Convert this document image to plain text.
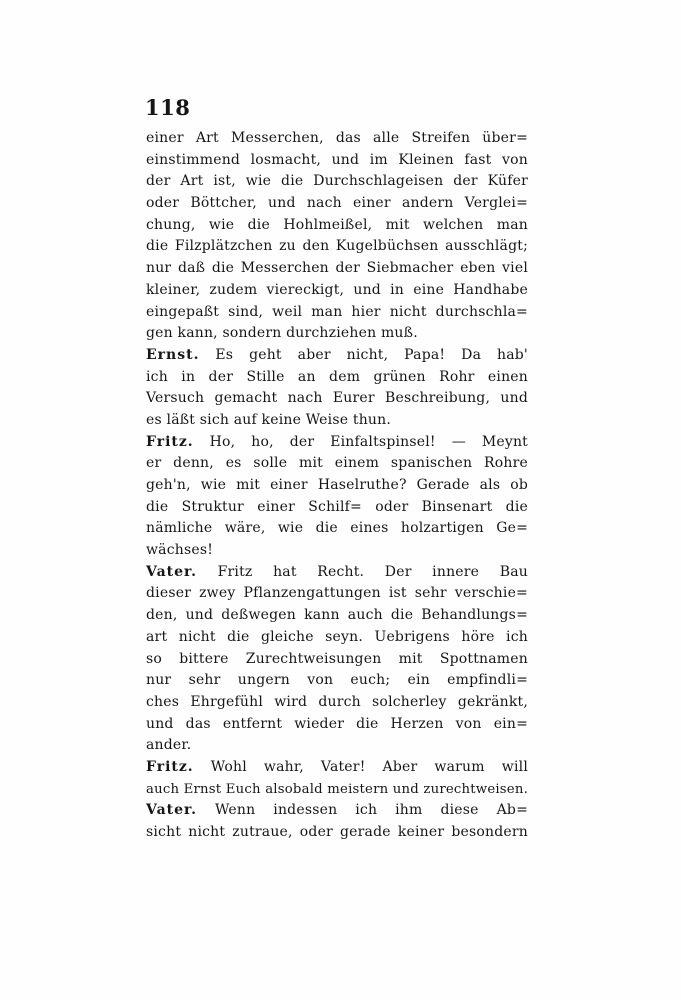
118
einer Art Messerchen, das alle Streifen über=
einstimmend losmacht, und im Kleinen fast von
der Art ist, wie die Durchschlageisen der Küfer
oder Böttcher, und nach einer andern Verglei=
chung, wie die Hohlmeißel, mit welchen man
die Filzplätzchen zu den Kugelbüchsen ausschlägt;
nur daß die Messerchen der Siebmacher eben viel
kleiner, zudem viereckigt, und in eine Handhabe
eingepaßt sind, weil man hier nicht durchschla=
gen kann, sondern durchziehen muß.
Ernst. Es geht aber nicht, Papa! Da hab'
ich in der Stille an dem grünen Rohr einen
Versuch gemacht nach Eurer Beschreibung, und
es läßt sich auf keine Weise thun.
Fritz. Ho, ho, der Einfaltspinsel! — Meynt
er denn, es solle mit einem spanischen Rohre
geh'n, wie mit einer Haselruthe? Gerade als ob
die Struktur einer Schilf= oder Binsenart die
nämliche wäre, wie die eines holzartigen Ge=
wächses!
Vater. Fritz hat Recht. Der innere Bau
dieser zwey Pflanzengattungen ist sehr verschie=
den, und deßwegen kann auch die Behandlungs=
art nicht die gleiche seyn. Uebrigens höre ich
so bittere Zurechtweisungen mit Spottnamen
nur sehr ungern von euch; ein empfindli=
ches Ehrgefühl wird durch solcherley gekränkt,
und das entfernt wieder die Herzen von ein=
ander.
Fritz. Wohl wahr, Vater! Aber warum will
auch Ernst Euch alsobald meistern und zurechtweisen.
Vater. Wenn indessen ich ihm diese Ab=
sicht nicht zutraue, oder gerade keiner besondern
